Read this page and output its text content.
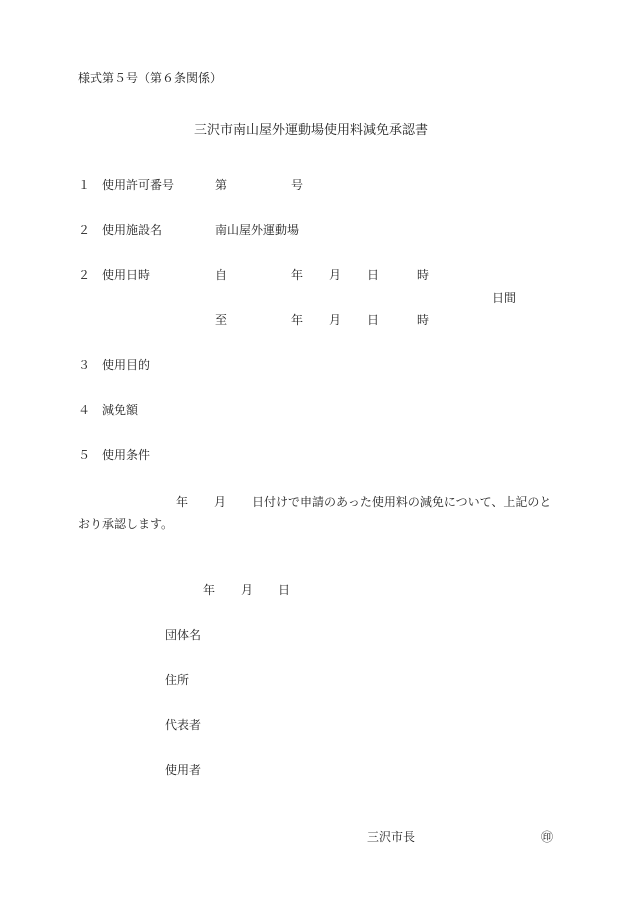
様式第５号（第６条関係）
三沢市南山屋外運動場使用料減免承認書
１ 使用許可番号	第	号
２ 使用施設名	南山屋外運動場
２ 使用日時	自	年 月 日	時
日間
至	年 月 日	時
３ 使用目的
４ 減免額
５ 使用条件
年 月 日付けで申請のあった使用料の減免について、上記のとおり承認します。
年 月 日
団体名
住所
代表者
使用者
三沢市長	㊞
